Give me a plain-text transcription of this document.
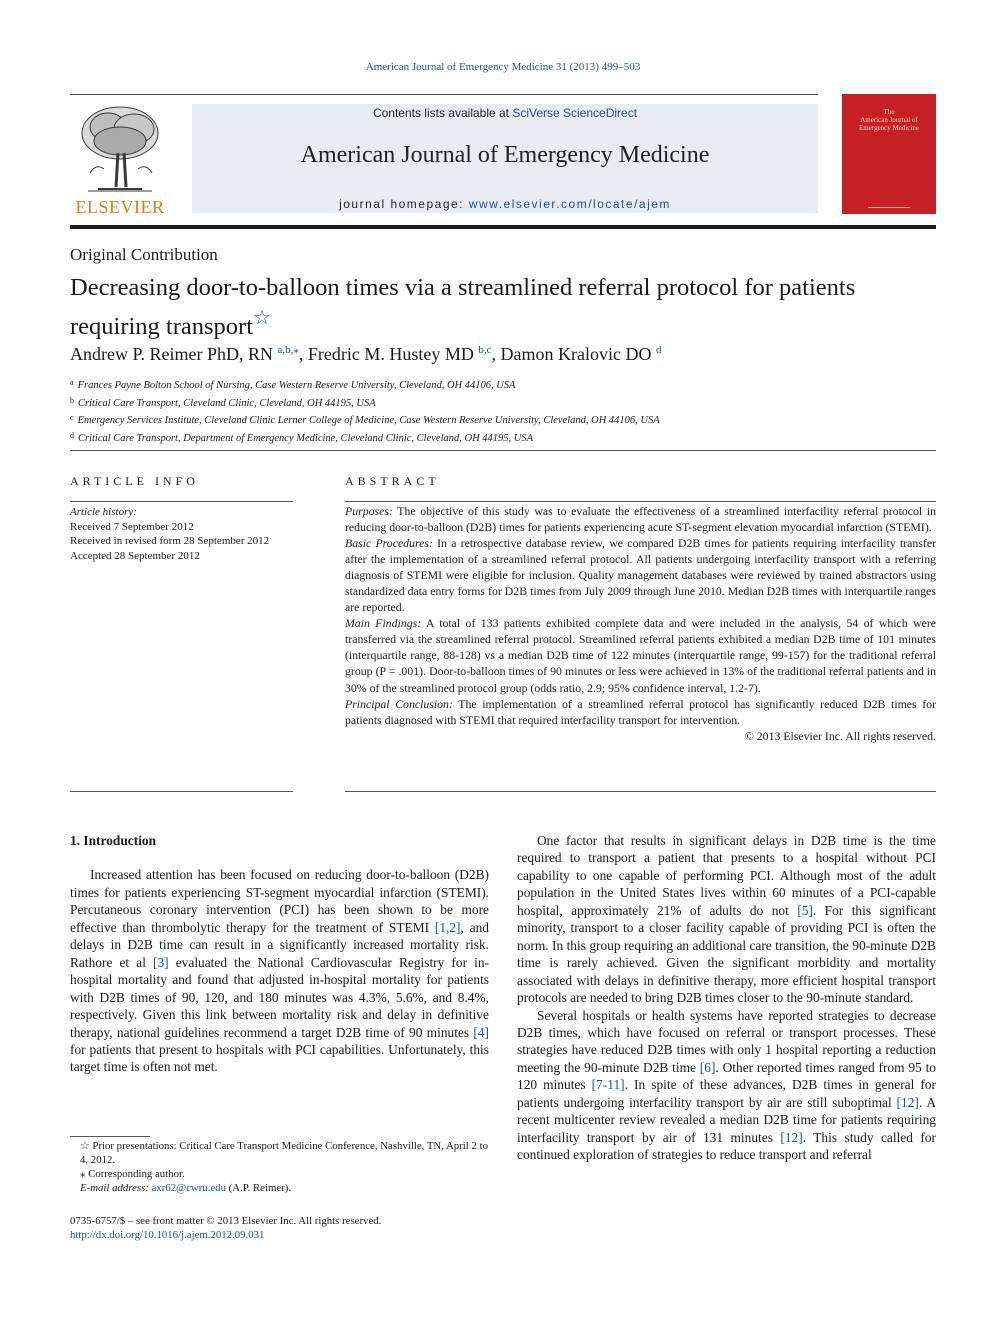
American Journal of Emergency Medicine 31 (2013) 499–503
ELSEVIER
Contents lists available at SciVerse ScienceDirect
American Journal of Emergency Medicine
journal homepage: www.elsevier.com/locate/ajem
The
American Journal of
Emergency Medicine
Original Contribution
Decreasing door-to-balloon times via a streamlined referral protocol for patients
requiring transport☆
Andrew P. Reimer PhD, RN $^{a,b,⁎}$, Fredric M. Hustey MD $^{b,c}$, Damon Kralovic DO $^d$
$^a$ Frances Payne Bolton School of Nursing, Case Western Reserve University, Cleveland, OH 44106, USA
$^b$ Critical Care Transport, Cleveland Clinic, Cleveland, OH 44195, USA
$^c$ Emergency Services Institute, Cleveland Clinic Lerner College of Medicine, Case Western Reserve University, Cleveland, OH 44106, USA
$^d$ Critical Care Transport, Department of Emergency Medicine, Cleveland Clinic, Cleveland, OH 44195, USA
ARTICLE INFO
Article history:
Received 7 September 2012
Received in revised form 28 September 2012
Accepted 28 September 2012
ABSTRACT

Purposes: The objective of this study was to evaluate the effectiveness of a streamlined interfacility referral protocol in reducing door-to-balloon (D2B) times for patients experiencing acute ST-segment elevation myocardial infarction (STEMI).

Basic Procedures: In a retrospective database review, we compared D2B times for patients requiring interfacility transfer after the implementation of a streamlined referral protocol. All patients undergoing interfacility transport with a referring diagnosis of STEMI were eligible for inclusion. Quality management databases were reviewed by trained abstractors using standardized data entry forms for D2B times from July 2009 through June 2010. Median D2B times with interquartile ranges are reported.

Main Findings: A total of 133 patients exhibited complete data and were included in the analysis, 54 of which were transferred via the streamlined referral protocol. Streamlined referral patients exhibited a median D2B time of 101 minutes (interquartile range, 88-128) vs a median D2B time of 122 minutes (interquartile range, 99-157) for the traditional referral group (P = .001). Door-to-balloon times of 90 minutes or less were achieved in 13% of the traditional referral patients and in 30% of the streamlined protocol group (odds ratio, 2.9; 95% confidence interval, 1.2-7).

Principal Conclusion: The implementation of a streamlined referral protocol has significantly reduced D2B times for patients diagnosed with STEMI that required interfacility transport for intervention.

© 2013 Elsevier Inc. All rights reserved.

1. Introduction

Increased attention has been focused on reducing door-to-balloon (D2B) times for patients experiencing ST-segment myocardial infarction (STEMI). Percutaneous coronary intervention (PCI) has been shown to be more effective than thrombolytic therapy for the treatment of STEMI [1,2], and delays in D2B time can result in a significantly increased mortality risk. Rathore et al [3] evaluated the National Cardiovascular Registry for in-hospital mortality and found that adjusted in-hospital mortality for patients with D2B times of 90, 120, and 180 minutes was 4.3%, 5.6%, and 8.4%, respectively. Given this link between mortality risk and delay in definitive therapy, national guidelines recommend a target D2B time of 90 minutes [4] for patients that present to hospitals with PCI capabilities. Unfortunately, this target time is often not met.

One factor that results in significant delays in D2B time is the time required to transport a patient that presents to a hospital without PCI capability to one capable of performing PCI. Although most of the adult population in the United States lives within 60 minutes of a PCI-capable hospital, approximately 21% of adults do not [5]. For this significant minority, transport to a closer facility capable of providing PCI is often the norm. In this group requiring an additional care transition, the 90-minute D2B time is rarely achieved. Given the significant morbidity and mortality associated with delays in definitive therapy, more efficient hospital transport protocols are needed to bring D2B times closer to the 90-minute standard.

Several hospitals or health systems have reported strategies to decrease D2B times, which have focused on referral or transport processes. These strategies have reduced D2B times with only 1 hospital reporting a reduction meeting the 90-minute D2B time [6]. Other reported times ranged from 95 to 120 minutes [7-11]. In spite of these advances, D2B times in general for patients undergoing interfacility transport by air are still suboptimal [12]. A recent multicenter review revealed a median D2B time for patients requiring interfacility transport by air of 131 minutes [12]. This study called for continued exploration of strategies to reduce transport and referral

☆ Prior presentations: Critical Care Transport Medicine Conference, Nashville, TN, April 2 to 4, 2012.

⁎ Corresponding author.

E-mail address: axr62@cwru.edu (A.P. Reimer).

0735-6757/$ – see front matter © 2013 Elsevier Inc. All rights reserved.

http://dx.doi.org/10.1016/j.ajem.2012.09.031
